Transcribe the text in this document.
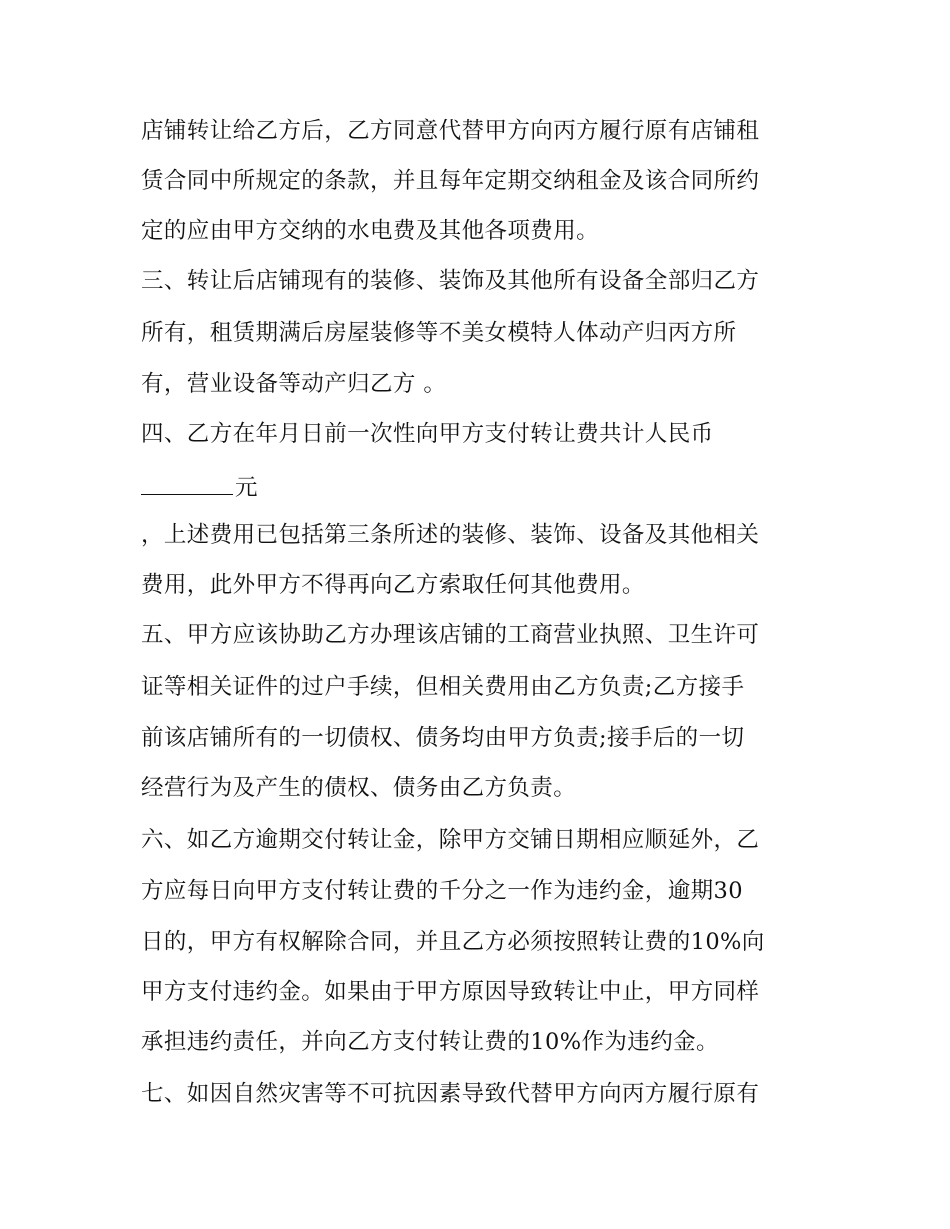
店铺转让给乙方后，乙方同意代替甲方向丙方履行原有店铺租
赁合同中所规定的条款，并且每年定期交纳租金及该合同所约
定的应由甲方交纳的水电费及其他各项费用。
三、转让后店铺现有的装修、装饰及其他所有设备全部归乙方
所有，租赁期满后房屋装修等不美女模特人体动产归丙方所
有，营业设备等动产归乙方 。
四、乙方在年月日前一次性向甲方支付转让费共计人民币
元
，上述费用已包括第三条所述的装修、装饰、设备及其他相关
费用，此外甲方不得再向乙方索取任何其他费用。
五、甲方应该协助乙方办理该店铺的工商营业执照、卫生许可
证等相关证件的过户手续，但相关费用由乙方负责;乙方接手
前该店铺所有的一切债权、债务均由甲方负责;接手后的一切
经营行为及产生的债权、债务由乙方负责。
六、如乙方逾期交付转让金，除甲方交铺日期相应顺延外，乙
方应每日向甲方支付转让费的千分之一作为违约金，逾期30
日的，甲方有权解除合同，并且乙方必须按照转让费的10%向
甲方支付违约金。如果由于甲方原因导致转让中止，甲方同样
承担违约责任，并向乙方支付转让费的10%作为违约金。
七、如因自然灾害等不可抗因素导致代替甲方向丙方履行原有
